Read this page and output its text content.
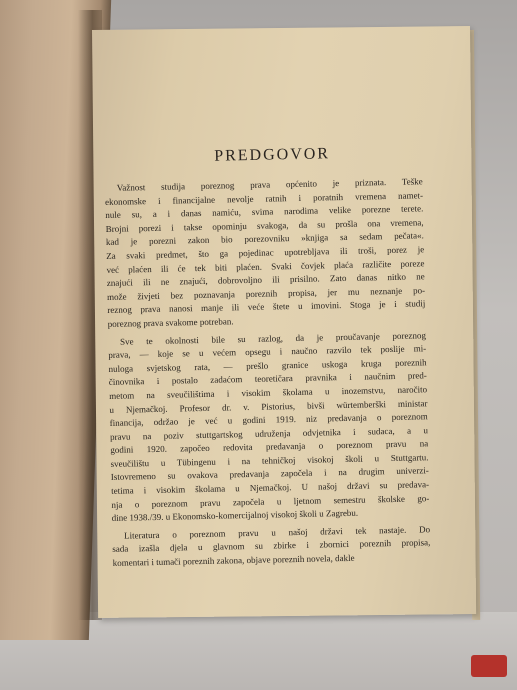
PREDGOVOR
Važnost studija poreznog prava općenito je priznata. Teške
ekonomske i financijalne nevolje ratnih i poratnih vremena namet-
nule su, a i danas namiću, svima narodima velike porezne terete.
Brojni porezi i takse opominju svakoga, da su prošla ona vremena,
kad je porezni zakon bio porezovniku »knjiga sa sedam pečata«.
Za svaki predmet, što ga pojedinac upotrebljava ili troši, porez je
već plaćen ili će tek biti plaćen. Svaki čovjek plaća različite poreze
znajući ili ne znajući, dobrovoljno ili prisilno. Zato danas nitko ne
može živjeti bez poznavanja poreznih propisa, jer mu neznanje po-
reznog prava nanosi manje ili veće štete u imovini. Stoga je i studij
poreznog prava svakome potreban.
Sve te okolnosti bile su razlog, da je proučavanje poreznog
prava, — koje se u većem opsegu i naučno razvilo tek poslije mi-
nuloga svjetskog rata, — prešlo granice uskoga kruga poreznih
činovnika i postalo zadaćom teoretičara pravnika i naučnim pred-
metom na sveučilištima i visokim školama u inozemstvu, naročito
u Njemačkoj. Profesor dr. v. Pistorius, bivši würtemberški ministar
financija, održao je već u godini 1919. niz predavanja o poreznom
pravu na poziv stuttgartskog udruženja odvjetnika i sudaca, a u
godini 1920. započeo redovita predavanja o poreznom pravu na
sveučilištu u Tübingenu i na tehničkoj visokoj školi u Stuttgartu.
Istovremeno su ovakova predavanja započela i na drugim univerzi-
tetima i visokim školama u Njemačkoj. U našoj državi su predava-
nja o poreznom pravu započela u ljetnom semestru školske go-
dine 1938./39. u Ekonomsko-komercijalnoj visokoj školi u Zagrebu.
Literatura o poreznom pravu u našoj državi tek nastaje. Do
sada izašla djela u glavnom su zbirke i zbornici poreznih propisa,
komentari i tumači poreznih zakona, objave poreznih novela, dakle
